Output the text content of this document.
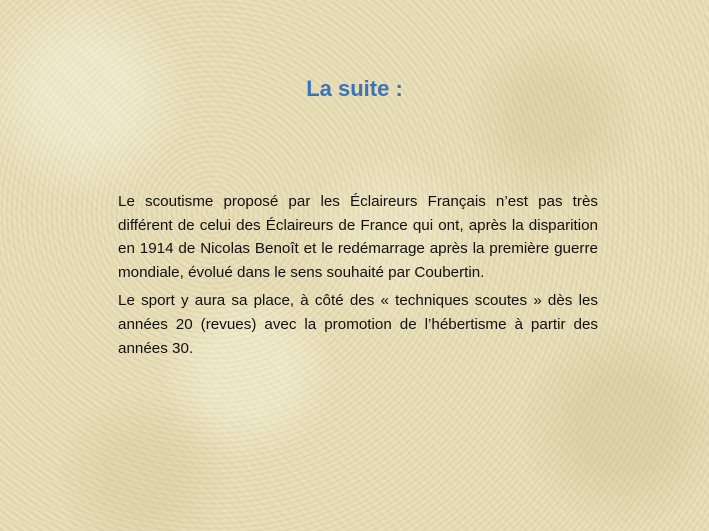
La suite :

Le scoutisme proposé par les Éclaireurs Français n’est pas très différent de celui des Éclaireurs de France qui ont, après la disparition en 1914 de Nicolas Benoît et le redémarrage après la première guerre mondiale, évolué dans le sens souhaité par Coubertin.

Le sport y aura sa place, à côté des « techniques scoutes » dès les années 20 (revues) avec la promotion de l’hébertisme à partir des années 30.
